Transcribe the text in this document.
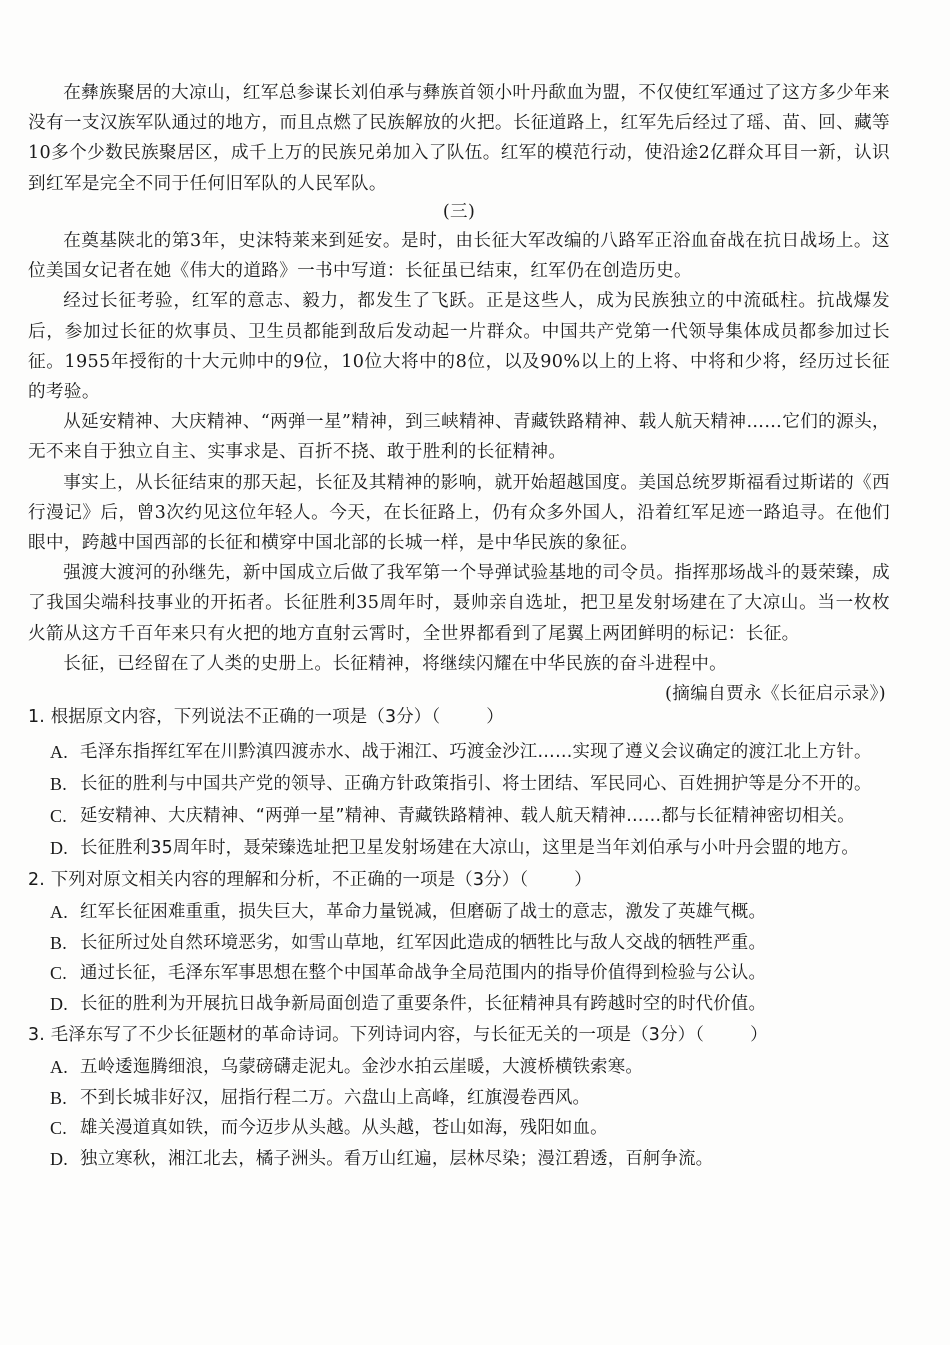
在彝族聚居的大凉山，红军总参谋长刘伯承与彝族首领小叶丹歃血为盟，不仅使红军通过了这方多少年来没有一支汉族军队通过的地方，而且点燃了民族解放的火把。长征道路上，红军先后经过了瑶、苗、回、藏等10多个少数民族聚居区，成千上万的民族兄弟加入了队伍。红军的模范行动，使沿途2亿群众耳目一新，认识到红军是完全不同于任何旧军队的人民军队。

(三)

在奠基陕北的第3年，史沫特莱来到延安。是时，由长征大军改编的八路军正浴血奋战在抗日战场上。这位美国女记者在她《伟大的道路》一书中写道：长征虽已结束，红军仍在创造历史。

经过长征考验，红军的意志、毅力，都发生了飞跃。正是这些人，成为民族独立的中流砥柱。抗战爆发后，参加过长征的炊事员、卫生员都能到敌后发动起一片群众。中国共产党第一代领导集体成员都参加过长征。1955年授衔的十大元帅中的9位，10位大将中的8位，以及90%以上的上将、中将和少将，经历过长征的考验。

从延安精神、大庆精神、“两弹一星”精神，到三峡精神、青藏铁路精神、载人航天精神……它们的源头，无不来自于独立自主、实事求是、百折不挠、敢于胜利的长征精神。

事实上，从长征结束的那天起，长征及其精神的影响，就开始超越国度。美国总统罗斯福看过斯诺的《西行漫记》后，曾3次约见这位年轻人。今天，在长征路上，仍有众多外国人，沿着红军足迹一路追寻。在他们眼中，跨越中国西部的长征和横穿中国北部的长城一样，是中华民族的象征。

强渡大渡河的孙继先，新中国成立后做了我军第一个导弹试验基地的司令员。指挥那场战斗的聂荣臻，成了我国尖端科技事业的开拓者。长征胜利35周年时，聂帅亲自选址，把卫星发射场建在了大凉山。当一枚枚火箭从这方千百年来只有火把的地方直射云霄时，全世界都看到了尾翼上两团鲜明的标记：长征。

长征，已经留在了人类的史册上。长征精神，将继续闪耀在中华民族的奋斗进程中。

(摘编自贾永《长征启示录》)

1. 根据原文内容，下列说法不正确的一项是（3分）（	）
A. 毛泽东指挥红军在川黔滇四渡赤水、战于湘江、巧渡金沙江……实现了遵义会议确定的渡江北上方针。
B. 长征的胜利与中国共产党的领导、正确方针政策指引、将士团结、军民同心、百姓拥护等是分不开的。
C. 延安精神、大庆精神、“两弹一星”精神、青藏铁路精神、载人航天精神……都与长征精神密切相关。
D. 长征胜利35周年时，聂荣臻选址把卫星发射场建在大凉山，这里是当年刘伯承与小叶丹会盟的地方。
2. 下列对原文相关内容的理解和分析，不正确的一项是（3分）（	）
A. 红军长征困难重重，损失巨大，革命力量锐减，但磨砺了战士的意志，激发了英雄气概。
B. 长征所过处自然环境恶劣，如雪山草地，红军因此造成的牺牲比与敌人交战的牺牲严重。
C. 通过长征，毛泽东军事思想在整个中国革命战争全局范围内的指导价值得到检验与公认。
D. 长征的胜利为开展抗日战争新局面创造了重要条件，长征精神具有跨越时空的时代价值。
3. 毛泽东写了不少长征题材的革命诗词。下列诗词内容，与长征无关的一项是（3分）（	）
A. 五岭逶迤腾细浪，乌蒙磅礴走泥丸。金沙水拍云崖暖，大渡桥横铁索寒。
B. 不到长城非好汉，屈指行程二万。六盘山上高峰，红旗漫卷西风。
C. 雄关漫道真如铁，而今迈步从头越。从头越，苍山如海，残阳如血。
D. 独立寒秋，湘江北去，橘子洲头。看万山红遍，层林尽染；漫江碧透，百舸争流。
